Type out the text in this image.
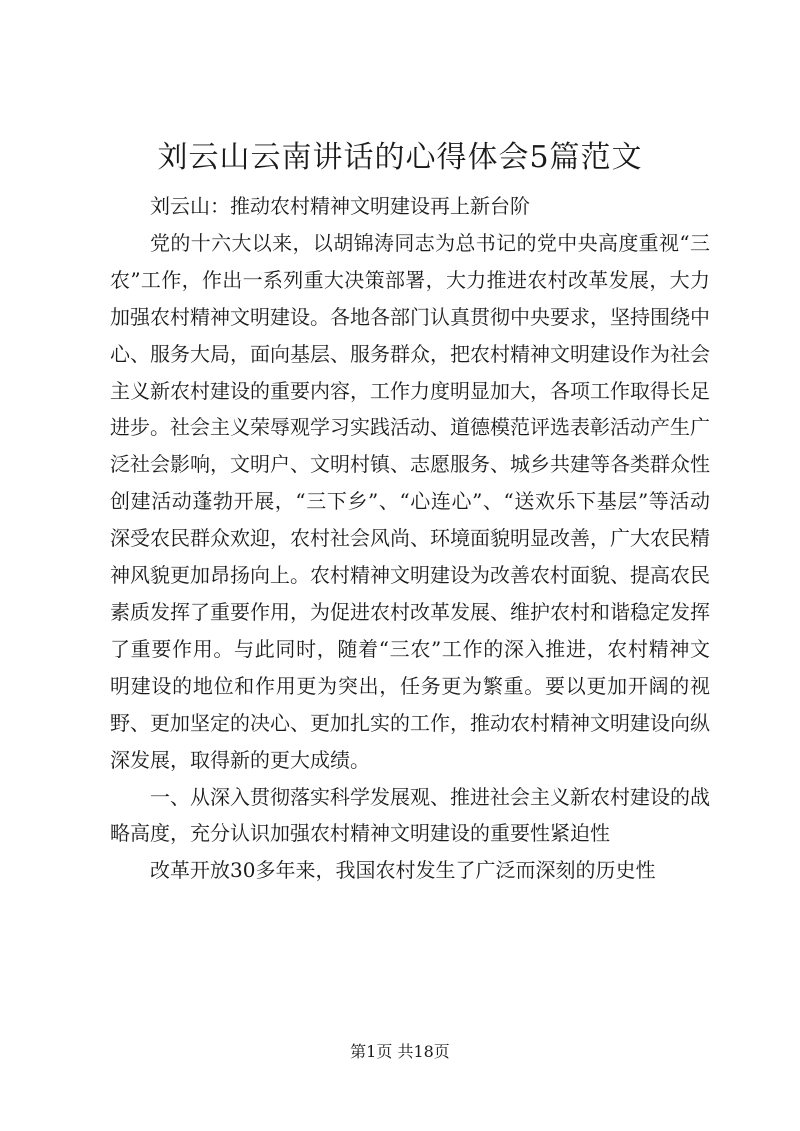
刘云山云南讲话的心得体会5篇范文

刘云山：推动农村精神文明建设再上新台阶

党的十六大以来，以胡锦涛同志为总书记的党中央高度重视“三农”工作，作出一系列重大决策部署，大力推进农村改革发展，大力加强农村精神文明建设。各地各部门认真贯彻中央要求，坚持围绕中心、服务大局，面向基层、服务群众，把农村精神文明建设作为社会主义新农村建设的重要内容，工作力度明显加大，各项工作取得长足进步。社会主义荣辱观学习实践活动、道德模范评选表彰活动产生广泛社会影响，文明户、文明村镇、志愿服务、城乡共建等各类群众性创建活动蓬勃开展，“三下乡”、“心连心”、“送欢乐下基层”等活动深受农民群众欢迎，农村社会风尚、环境面貌明显改善，广大农民精神风貌更加昂扬向上。农村精神文明建设为改善农村面貌、提高农民素质发挥了重要作用，为促进农村改革发展、维护农村和谐稳定发挥了重要作用。与此同时，随着“三农”工作的深入推进，农村精神文明建设的地位和作用更为突出，任务更为繁重。要以更加开阔的视野、更加坚定的决心、更加扎实的工作，推动农村精神文明建设向纵深发展，取得新的更大成绩。

一、从深入贯彻落实科学发展观、推进社会主义新农村建设的战略高度，充分认识加强农村精神文明建设的重要性紧迫性

改革开放30多年来，我国农村发生了广泛而深刻的历史性

第1页 共18页
